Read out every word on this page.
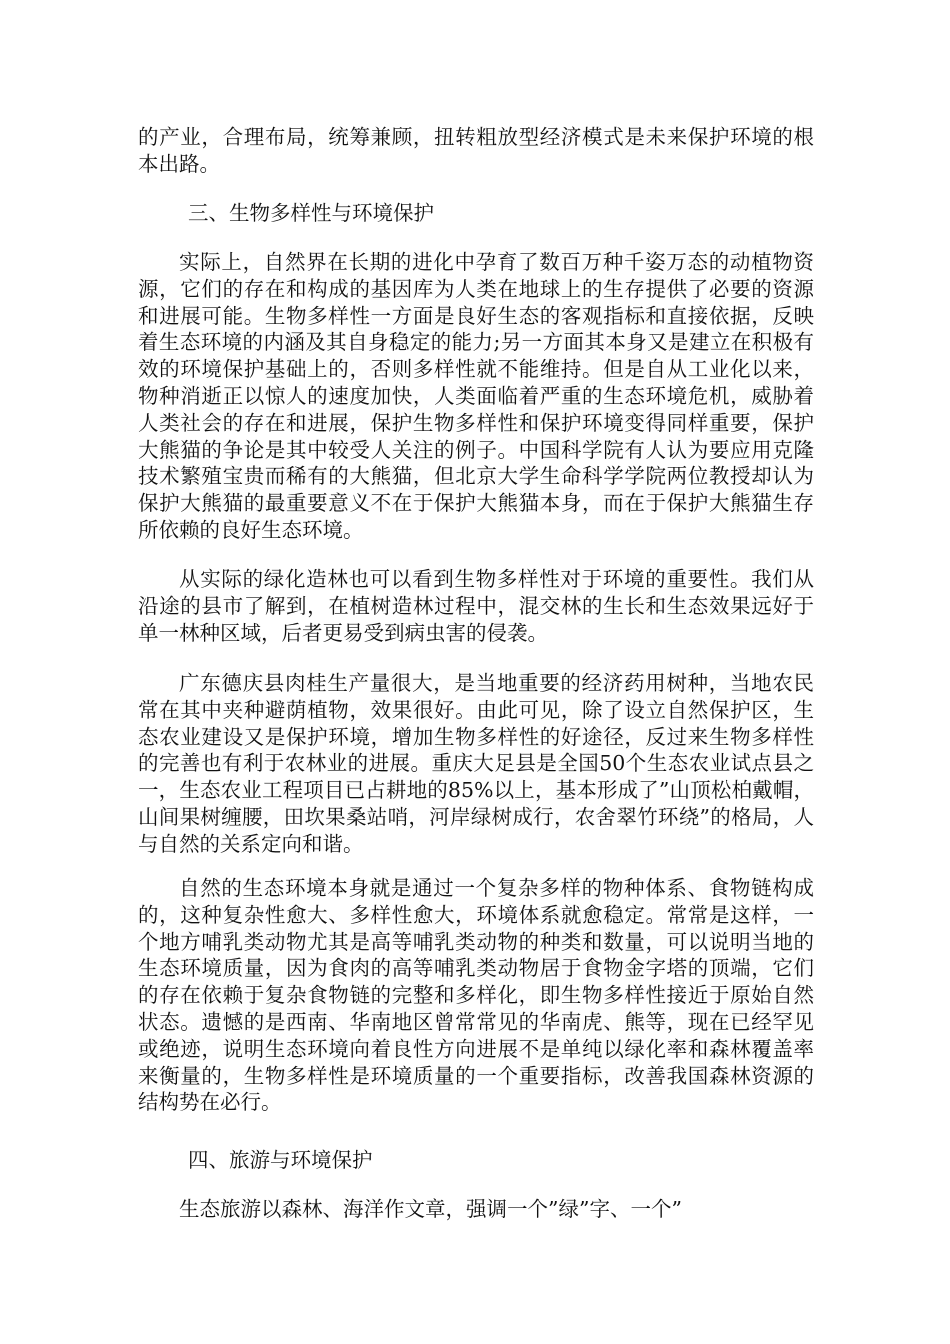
的产业，合理布局，统筹兼顾，扭转粗放型经济模式是未来保护环境的根本出路。

三、生物多样性与环境保护

实际上，自然界在长期的进化中孕育了数百万种千姿万态的动植物资源，它们的存在和构成的基因库为人类在地球上的生存提供了必要的资源和进展可能。生物多样性一方面是良好生态的客观指标和直接依据，反映着生态环境的内涵及其自身稳定的能力;另一方面其本身又是建立在积极有效的环境保护基础上的，否则多样性就不能维持。但是自从工业化以来，物种消逝正以惊人的速度加快，人类面临着严重的生态环境危机，威胁着人类社会的存在和进展，保护生物多样性和保护环境变得同样重要，保护大熊猫的争论是其中较受人关注的例子。中国科学院有人认为要应用克隆技术繁殖宝贵而稀有的大熊猫，但北京大学生命科学学院两位教授却认为保护大熊猫的最重要意义不在于保护大熊猫本身，而在于保护大熊猫生存所依赖的良好生态环境。

从实际的绿化造林也可以看到生物多样性对于环境的重要性。我们从沿途的县市了解到，在植树造林过程中，混交林的生长和生态效果远好于单一林种区域，后者更易受到病虫害的侵袭。

广东德庆县肉桂生产量很大，是当地重要的经济药用树种，当地农民常在其中夹种避荫植物，效果很好。由此可见，除了设立自然保护区，生态农业建设又是保护环境，增加生物多样性的好途径，反过来生物多样性的完善也有利于农林业的进展。重庆大足县是全国50个生态农业试点县之一，生态农业工程项目已占耕地的85%以上，基本形成了”山顶松柏戴帽，山间果树缠腰，田坎果桑站哨，河岸绿树成行，农舍翠竹环绕”的格局，人与自然的关系定向和谐。

自然的生态环境本身就是通过一个复杂多样的物种体系、食物链构成的，这种复杂性愈大、多样性愈大，环境体系就愈稳定。常常是这样，一个地方哺乳类动物尤其是高等哺乳类动物的种类和数量，可以说明当地的生态环境质量，因为食肉的高等哺乳类动物居于食物金字塔的顶端，它们的存在依赖于复杂食物链的完整和多样化，即生物多样性接近于原始自然状态。遗憾的是西南、华南地区曾常常见的华南虎、熊等，现在已经罕见或绝迹，说明生态环境向着良性方向进展不是单纯以绿化率和森林覆盖率来衡量的，生物多样性是环境质量的一个重要指标，改善我国森林资源的结构势在必行。

四、旅游与环境保护

生态旅游以森林、海洋作文章，强调一个”绿”字、一个”
